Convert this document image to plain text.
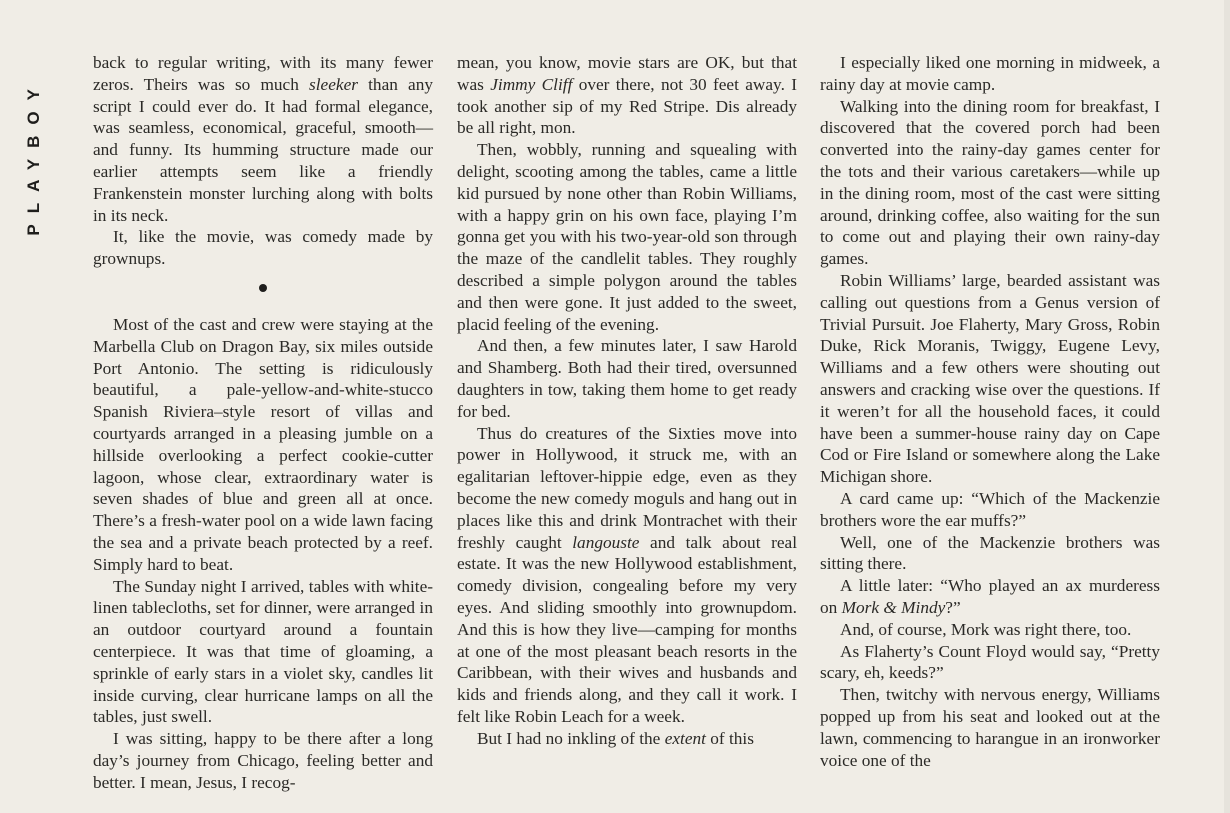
PLAYBOY

back to regular writing, with its many fewer zeros. Theirs was so much sleeker than any script I could ever do. It had formal elegance, was seamless, economical, graceful, smooth—and funny. Its humming structure made our earlier attempts seem like a friendly Frankenstein monster lurching along with bolts in its neck.

It, like the movie, was comedy made by grownups.

Most of the cast and crew were staying at the Marbella Club on Dragon Bay, six miles outside Port Antonio. The setting is ridiculously beautiful, a pale-yellow-and-white-stucco Spanish Riviera–style resort of villas and courtyards arranged in a pleasing jumble on a hillside overlooking a perfect cookie-cutter lagoon, whose clear, extraordinary water is seven shades of blue and green all at once. There’s a fresh-water pool on a wide lawn facing the sea and a private beach protected by a reef. Simply hard to beat.

The Sunday night I arrived, tables with white-linen tablecloths, set for dinner, were arranged in an outdoor courtyard around a fountain centerpiece. It was that time of gloaming, a sprinkle of early stars in a violet sky, candles lit inside curving, clear hurricane lamps on all the tables, just swell.

I was sitting, happy to be there after a long day’s journey from Chicago, feeling better and better. I mean, Jesus, I recog-

mean, you know, movie stars are OK, but that was Jimmy Cliff over there, not 30 feet away. I took another sip of my Red Stripe. Dis already be all right, mon.

Then, wobbly, running and squealing with delight, scooting among the tables, came a little kid pursued by none other than Robin Williams, with a happy grin on his own face, playing I’m gonna get you with his two-year-old son through the maze of the candlelit tables. They roughly described a simple polygon around the tables and then were gone. It just added to the sweet, placid feeling of the evening.

And then, a few minutes later, I saw Harold and Shamberg. Both had their tired, oversunned daughters in tow, taking them home to get ready for bed.

Thus do creatures of the Sixties move into power in Hollywood, it struck me, with an egalitarian leftover-hippie edge, even as they become the new comedy moguls and hang out in places like this and drink Montrachet with their freshly caught langouste and talk about real estate. It was the new Hollywood establishment, comedy division, congealing before my very eyes. And sliding smoothly into grownupdom. And this is how they live—camping for months at one of the most pleasant beach resorts in the Caribbean, with their wives and husbands and kids and friends along, and they call it work. I felt like Robin Leach for a week.

But I had no inkling of the extent of this

I especially liked one morning in midweek, a rainy day at movie camp.

Walking into the dining room for breakfast, I discovered that the covered porch had been converted into the rainy-day games center for the tots and their various caretakers—while up in the dining room, most of the cast were sitting around, drinking coffee, also waiting for the sun to come out and playing their own rainy-day games.

Robin Williams’ large, bearded assistant was calling out questions from a Genus version of Trivial Pursuit. Joe Flaherty, Mary Gross, Robin Duke, Rick Moranis, Twiggy, Eugene Levy, Williams and a few others were shouting out answers and cracking wise over the questions. If it weren’t for all the household faces, it could have been a summer-house rainy day on Cape Cod or Fire Island or somewhere along the Lake Michigan shore.

A card came up: “Which of the Mackenzie brothers wore the ear muffs?”

Well, one of the Mackenzie brothers was sitting there.

A little later: “Who played an ax murderess on Mork & Mindy?”

And, of course, Mork was right there, too.

As Flaherty’s Count Floyd would say, “Pretty scary, eh, keeds?”

Then, twitchy with nervous energy, Williams popped up from his seat and looked out at the lawn, commencing to harangue in an ironworker voice one of the
